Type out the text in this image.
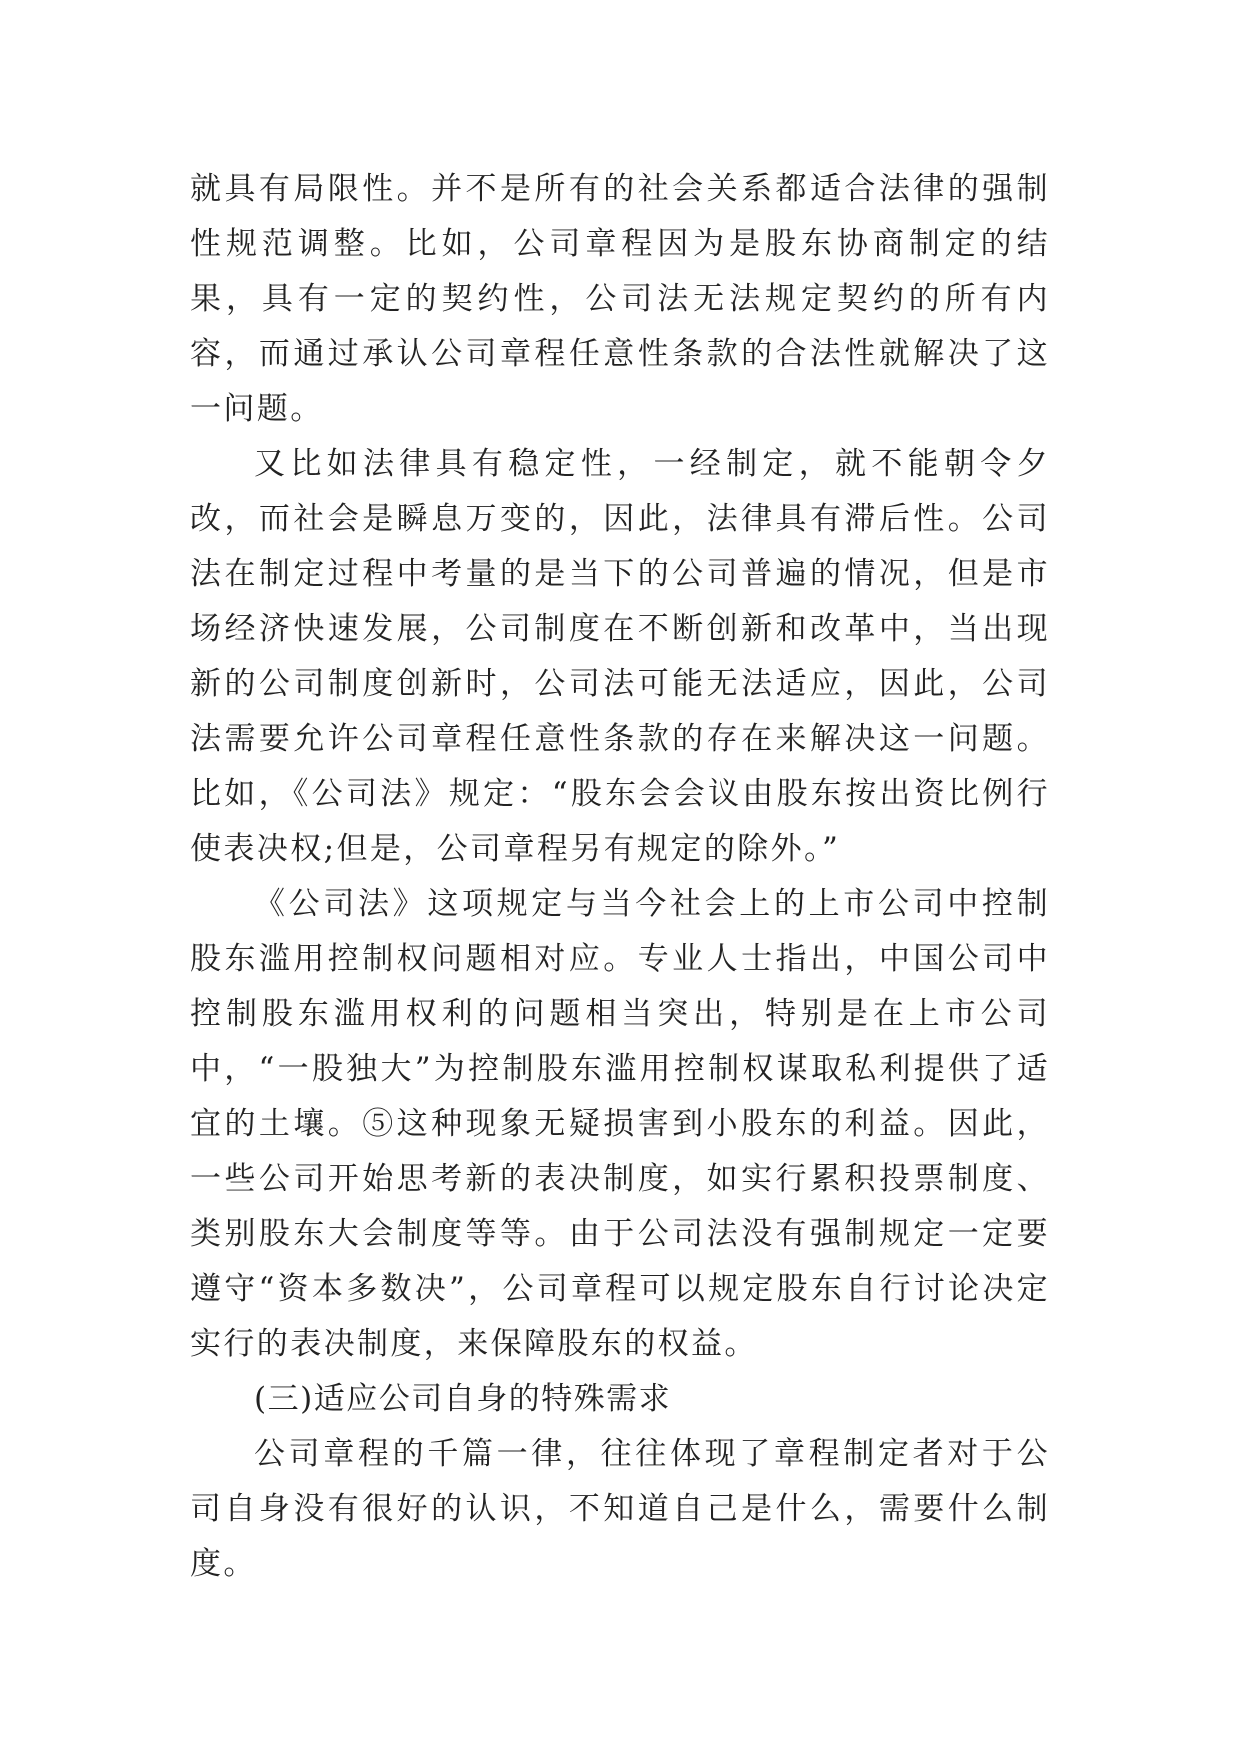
就具有局限性。并不是所有的社会关系都适合法律的强制性规范调整。比如，公司章程因为是股东协商制定的结果，具有一定的契约性，公司法无法规定契约的所有内容，而通过承认公司章程任意性条款的合法性就解决了这一问题。

又比如法律具有稳定性，一经制定，就不能朝令夕改，而社会是瞬息万变的，因此，法律具有滞后性。公司法在制定过程中考量的是当下的公司普遍的情况，但是市场经济快速发展，公司制度在不断创新和改革中，当出现新的公司制度创新时，公司法可能无法适应，因此，公司法需要允许公司章程任意性条款的存在来解决这一问题。比如，《公司法》规定：“股东会会议由股东按出资比例行使表决权;但是，公司章程另有规定的除外。”

《公司法》这项规定与当今社会上的上市公司中控制股东滥用控制权问题相对应。专业人士指出，中国公司中控制股东滥用权利的问题相当突出，特别是在上市公司中，“一股独大”为控制股东滥用控制权谋取私利提供了适宜的土壤。⑤这种现象无疑损害到小股东的利益。因此，一些公司开始思考新的表决制度，如实行累积投票制度、类别股东大会制度等等。由于公司法没有强制规定一定要遵守“资本多数决”，公司章程可以规定股东自行讨论决定实行的表决制度，来保障股东的权益。

(三)适应公司自身的特殊需求

公司章程的千篇一律，往往体现了章程制定者对于公司自身没有很好的认识，不知道自己是什么，需要什么制度。
